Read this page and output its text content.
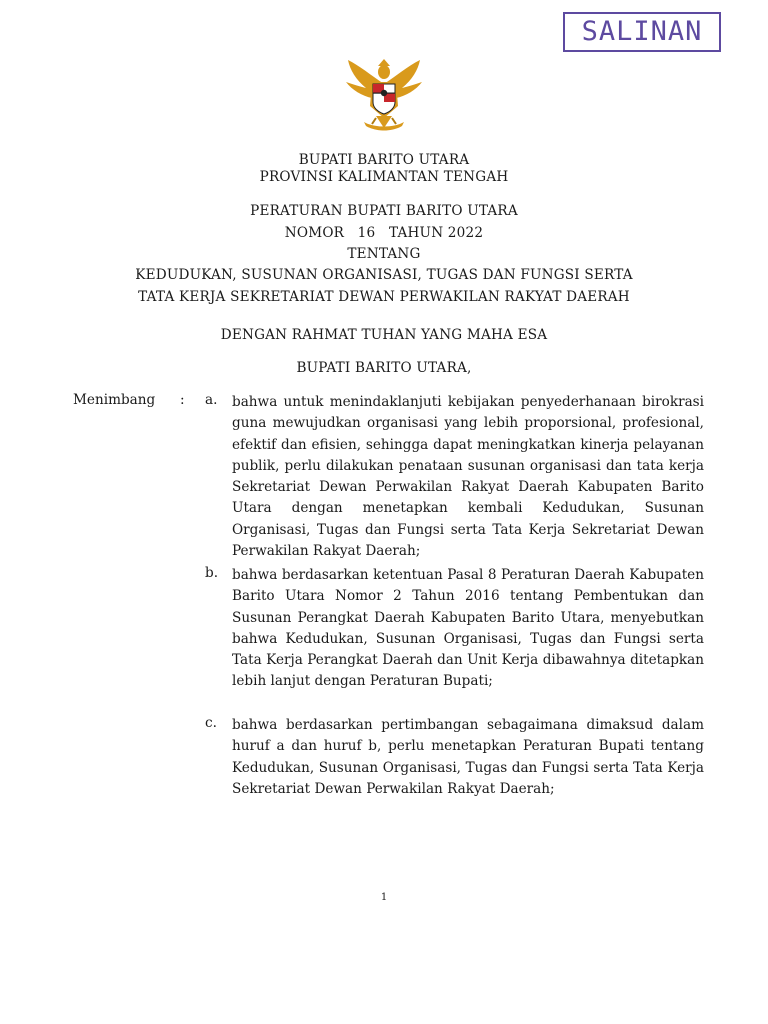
SALINAN
BUPATI BARITO UTARA
PROVINSI KALIMANTAN TENGAH
PERATURAN BUPATI BARITO UTARA
NOMOR   16   TAHUN 2022
TENTANG
KEDUDUKAN, SUSUNAN ORGANISASI, TUGAS DAN FUNGSI SERTA
TATA KERJA SEKRETARIAT DEWAN PERWAKILAN RAKYAT DAERAH
DENGAN RAHMAT TUHAN YANG MAHA ESA
BUPATI BARITO UTARA,
Menimbang : a. bahwa untuk menindaklanjuti kebijakan penyederhanaan birokrasi guna mewujudkan organisasi yang lebih proporsional, profesional, efektif dan efisien, sehingga dapat meningkatkan kinerja pelayanan publik, perlu dilakukan penataan susunan organisasi dan tata kerja Sekretariat Dewan Perwakilan Rakyat Daerah Kabupaten Barito Utara dengan menetapkan kembali Kedudukan, Susunan Organisasi, Tugas dan Fungsi serta Tata Kerja Sekretariat Dewan Perwakilan Rakyat Daerah;
b. bahwa berdasarkan ketentuan Pasal 8 Peraturan Daerah Kabupaten Barito Utara Nomor 2 Tahun 2016 tentang Pembentukan dan Susunan Perangkat Daerah Kabupaten Barito Utara, menyebutkan bahwa Kedudukan, Susunan Organisasi, Tugas dan Fungsi serta Tata Kerja Perangkat Daerah dan Unit Kerja dibawahnya ditetapkan lebih lanjut dengan Peraturan Bupati;
c. bahwa berdasarkan pertimbangan sebagaimana dimaksud dalam huruf a dan huruf b, perlu menetapkan Peraturan Bupati tentang Kedudukan, Susunan Organisasi, Tugas dan Fungsi serta Tata Kerja Sekretariat Dewan Perwakilan Rakyat Daerah;
1
